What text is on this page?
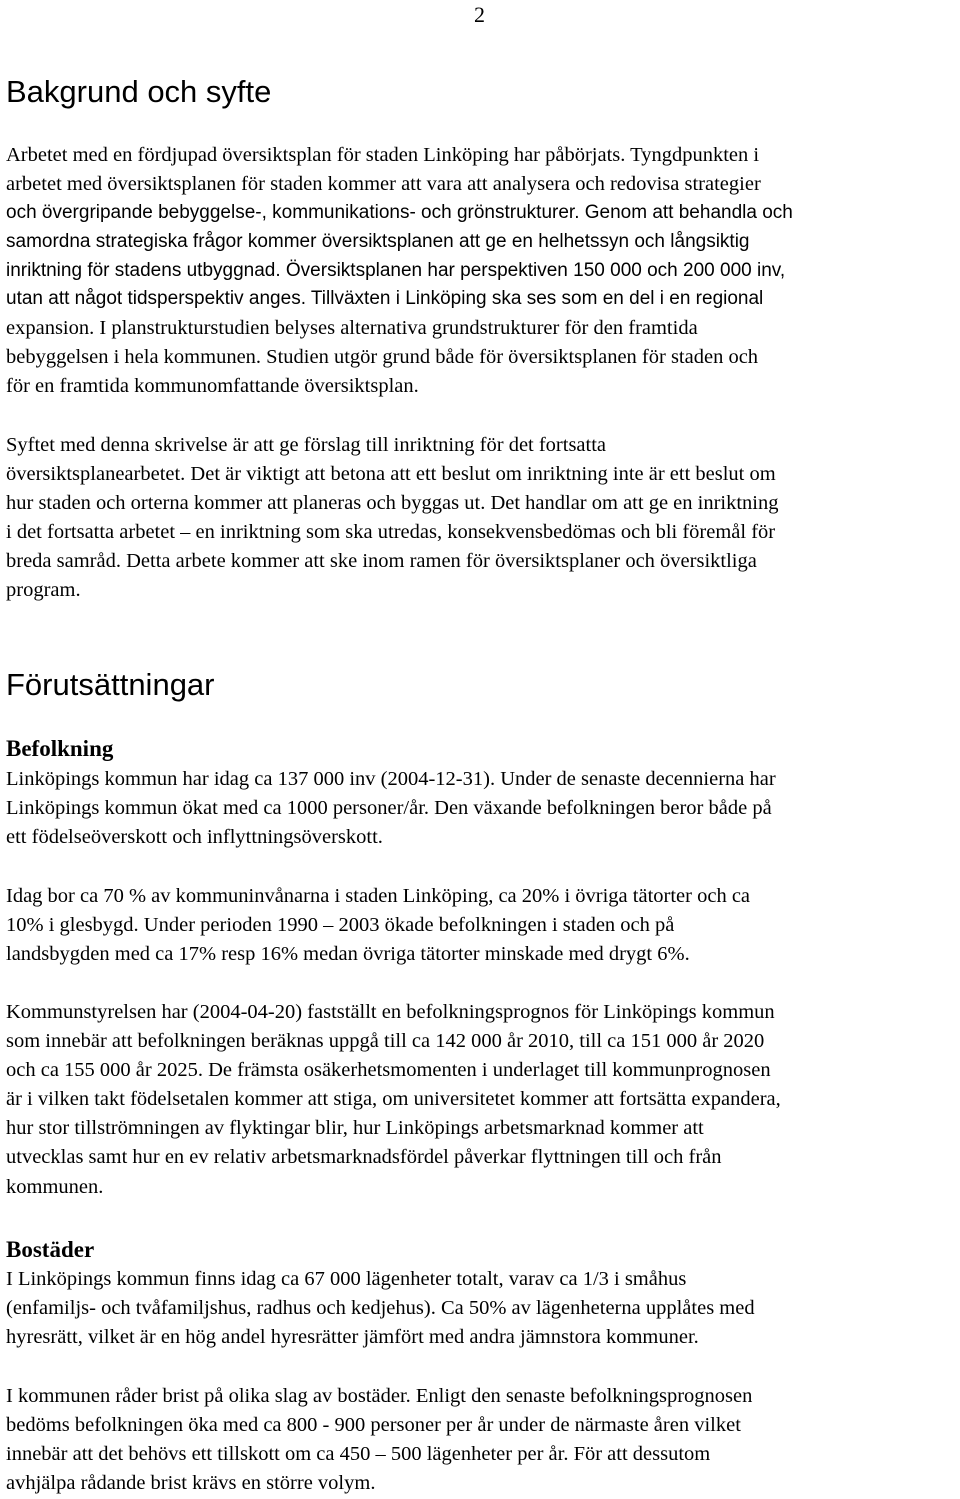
2
Bakgrund och syfte
Arbetet med en fördjupad översiktsplan för staden Linköping har påbörjats. Tyngdpunkten i
arbetet med översiktsplanen för staden kommer att vara att analysera och redovisa strategier
och övergripande bebyggelse-, kommunikations- och grönstrukturer. Genom att behandla och
samordna strategiska frågor kommer översiktsplanen att ge en helhetssyn och långsiktig
inriktning för stadens utbyggnad. Översiktsplanen har perspektiven 150 000 och 200 000 inv,
utan att något tidsperspektiv anges. Tillväxten i Linköping ska ses som en del i en regional
expansion. I planstrukturstudien belyses alternativa grundstrukturer för den framtida
bebyggelsen i hela kommunen. Studien utgör grund både för översiktsplanen för staden och
för en framtida kommunomfattande översiktsplan.
Syftet med denna skrivelse är att ge förslag till inriktning för det fortsatta
översiktsplanearbetet. Det är viktigt att betona att ett beslut om inriktning inte är ett beslut om
hur staden och orterna kommer att planeras och byggas ut. Det handlar om att ge en inriktning
i det fortsatta arbetet – en inriktning som ska utredas, konsekvensbedömas och bli föremål för
breda samråd. Detta arbete kommer att ske inom ramen för översiktsplaner och översiktliga
program.
Förutsättningar
Befolkning
Linköpings kommun har idag ca 137 000 inv (2004-12-31). Under de senaste decennierna har
Linköpings kommun ökat med ca 1000 personer/år. Den växande befolkningen beror både på
ett födelseöverskott och inflyttningsöverskott.
Idag bor ca 70 % av kommuninvånarna i staden Linköping, ca 20% i övriga tätorter och ca
10% i glesbygd. Under perioden 1990 – 2003 ökade befolkningen i staden och på
landsbygden med ca 17% resp 16% medan övriga tätorter minskade med drygt 6%.
Kommunstyrelsen har (2004-04-20) fastställt en befolkningsprognos för Linköpings kommun
som innebär att befolkningen beräknas uppgå till ca 142 000 år 2010, till ca 151 000 år 2020
och ca 155 000 år 2025. De främsta osäkerhetsmomenten i underlaget till kommunprognosen
är i vilken takt födelsetalen kommer att stiga, om universitetet kommer att fortsätta expandera,
hur stor tillströmningen av flyktingar blir, hur Linköpings arbetsmarknad kommer att
utvecklas samt hur en ev relativ arbetsmarknadsfördel påverkar flyttningen till och från
kommunen.
Bostäder
I Linköpings kommun finns idag ca 67 000 lägenheter totalt, varav ca 1/3 i småhus
(enfamiljs- och tvåfamiljshus, radhus och kedjehus). Ca 50% av lägenheterna upplåtes med
hyresrätt, vilket är en hög andel hyresrätter jämfört med andra jämnstora kommuner.
I kommunen råder brist på olika slag av bostäder. Enligt den senaste befolkningsprognosen
bedöms befolkningen öka med ca 800 - 900 personer per år under de närmaste åren vilket
innebär att det behövs ett tillskott om ca 450 – 500 lägenheter per år. För att dessutom
avhjälpa rådande brist krävs en större volym.
